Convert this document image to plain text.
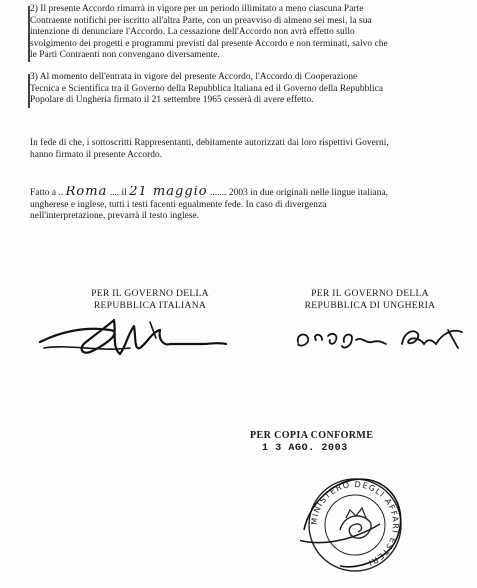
2) Il presente Accordo rimarrà in vigore per un periodo illimitato a meno ciascuna Parte
Contraente notifichi per iscritto all'altra Parte, con un preavviso di almeno sei mesi, la sua
intenzione di denunciare l'Accordo. La cessazione dell'Accordo non avrà effetto sullo
svolgimento dei progetti e programmi previsti dal presente Accordo e non terminati, salvo che
le Parti Contraenti non convengano diversamente.
3) Al momento dell'entrata in vigore del presente Accordo, l'Accordo di Cooperazione
Tecnica e Scientifica tra il Governo della Repubblica Italiana ed il Governo della Repubblica
Popolare di Ungheria firmato il 21 settembre 1965 cesserà di avere effetto.
In fede di che, i sottoscritti Rappresentanti, debitamente autorizzati dai loro rispettivi Governi,
hanno firmato il presente Accordo.
Fatto a .. Roma .... il 21 maggio ....... 2003 in due originali nelle lingue italiana,
ungherese e inglese, tutti i testi facenti egualmente fede. In caso di divergenza
nell'interpretazione, prevarrà il testo inglese.
PER IL GOVERNO DELLA
REPUBBLICA ITALIANA
PER IL GOVERNO DELLA
REPUBBLICA DI UNGHERIA
PER COPIA CONFORME
1 3 AGO. 2003
MINISTERO DEGLI AFFARI ESTERI
